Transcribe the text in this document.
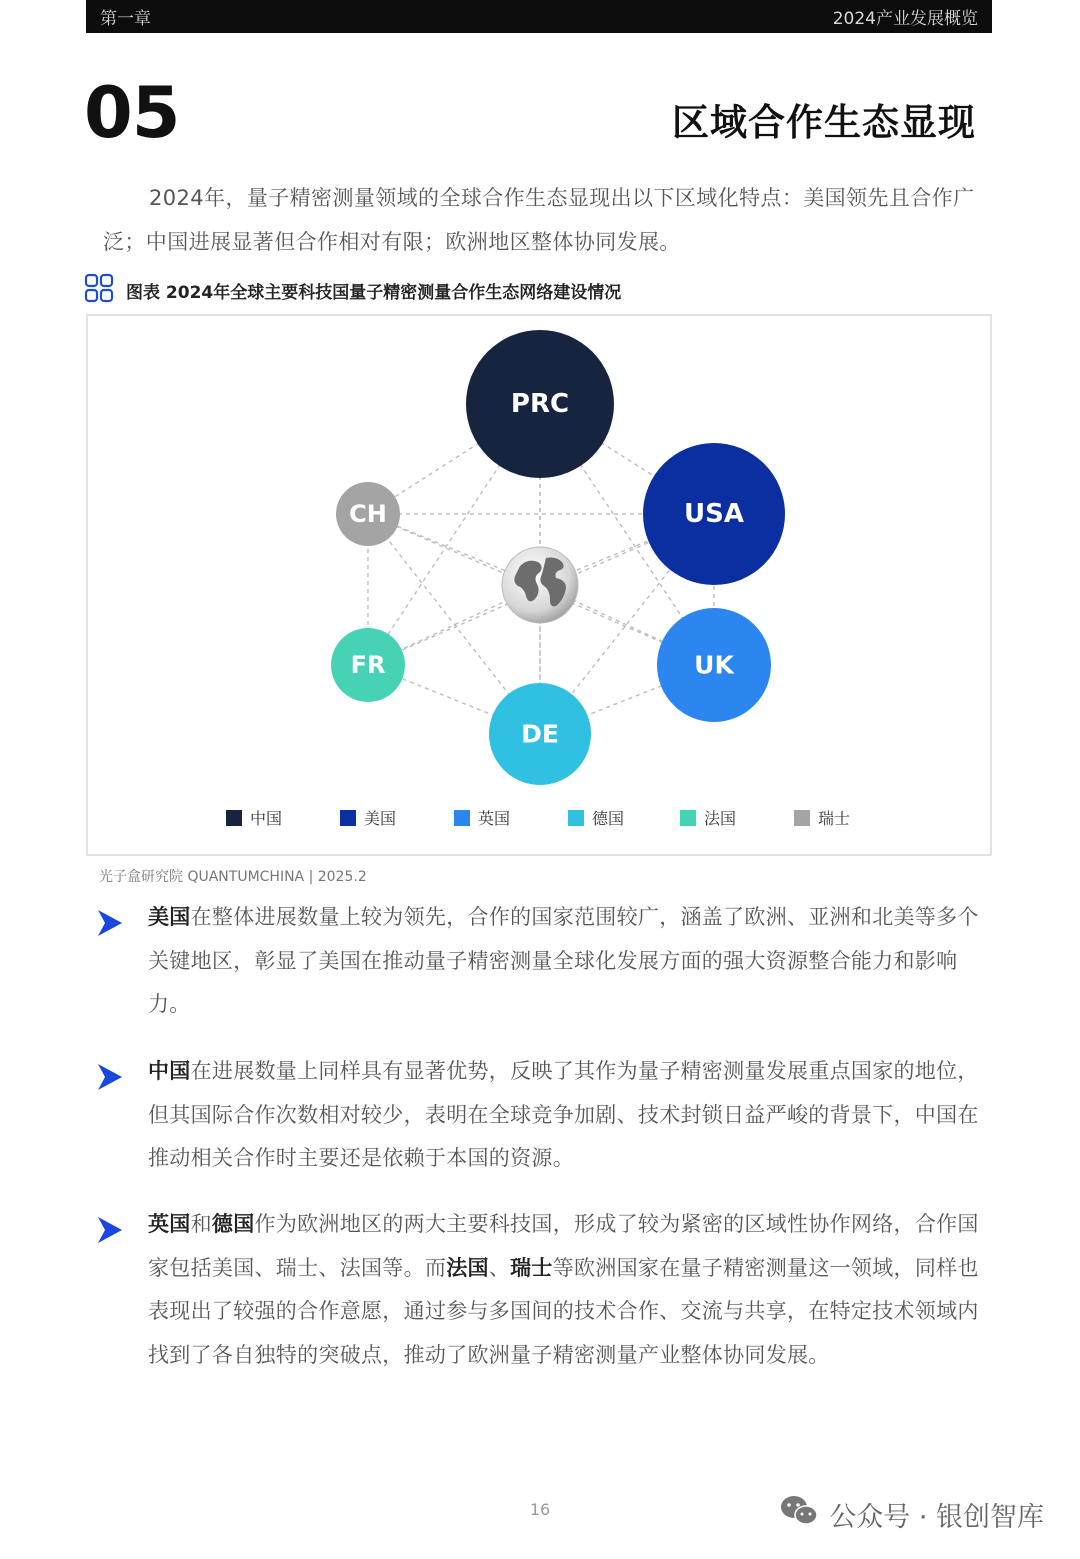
第一章	2024产业发展概览
05	区域合作生态显现
2024年，量子精密测量领域的全球合作生态显现出以下区域化特点：美国领先且合作广泛；中国进展显著但合作相对有限；欧洲地区整体协同发展。
图表 2024年全球主要科技国量子精密测量合作生态网络建设情况
PRC
USA
UK
DE
FR
CH
中国	美国	英国	德国	法国	瑞士
光子盒研究院 QUANTUMCHINA | 2025.2
美国在整体进展数量上较为领先，合作的国家范围较广，涵盖了欧洲、亚洲和北美等多个关键地区，彰显了美国在推动量子精密测量全球化发展方面的强大资源整合能力和影响力。
中国在进展数量上同样具有显著优势，反映了其作为量子精密测量发展重点国家的地位，但其国际合作次数相对较少，表明在全球竞争加剧、技术封锁日益严峻的背景下，中国在推动相关合作时主要还是依赖于本国的资源。
英国和德国作为欧洲地区的两大主要科技国，形成了较为紧密的区域性协作网络，合作国家包括美国、瑞士、法国等。而法国、瑞士等欧洲国家在量子精密测量这一领域，同样也表现出了较强的合作意愿，通过参与多国间的技术合作、交流与共享，在特定技术领域内找到了各自独特的突破点，推动了欧洲量子精密测量产业整体协同发展。
16	公众号 · 银创智库
